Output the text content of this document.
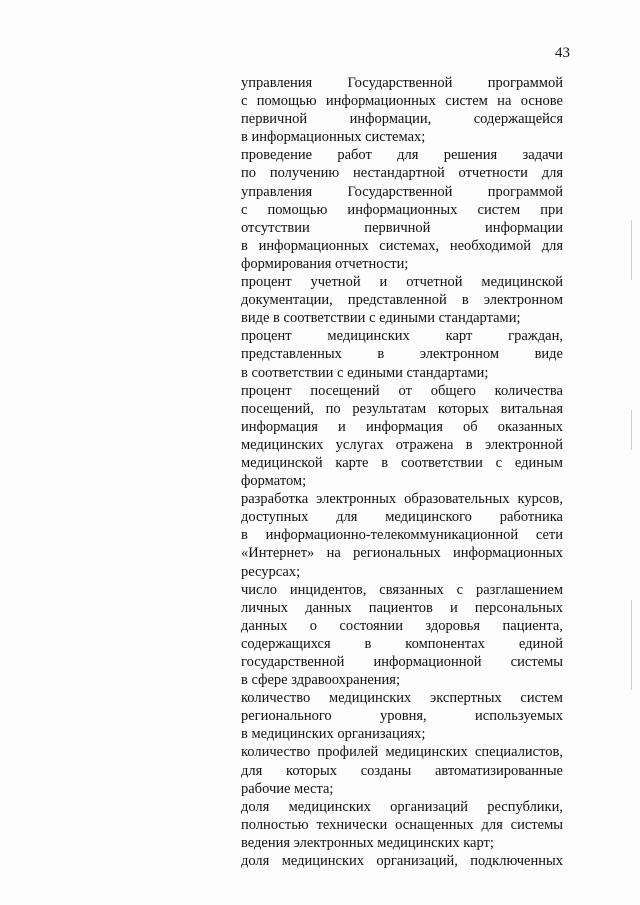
43
управления Государственной программой
с помощью информационных систем на основе
первичной информации, содержащейся
в информационных системах;
проведение работ для решения задачи
по получению нестандартной отчетности для
управления Государственной программой
с помощью информационных систем при
отсутствии первичной информации
в информационных системах, необходимой для
формирования отчетности;
процент учетной и отчетной медицинской
документации, представленной в электронном
виде в соответствии с едиными стандартами;
процент медицинских карт граждан,
представленных в электронном виде
в соответствии с едиными стандартами;
процент посещений от общего количества
посещений, по результатам которых витальная
информация и информация об оказанных
медицинских услугах отражена в электронной
медицинской карте в соответствии с единым
форматом;
разработка электронных образовательных курсов,
доступных для медицинского работника
в информационно-телекоммуникационной сети
«Интернет» на региональных информационных
ресурсах;
число инцидентов, связанных с разглашением
личных данных пациентов и персональных
данных о состоянии здоровья пациента,
содержащихся в компонентах единой
государственной информационной системы
в сфере здравоохранения;
количество медицинских экспертных систем
регионального уровня, используемых
в медицинских организациях;
количество профилей медицинских специалистов,
для которых созданы автоматизированные
рабочие места;
доля медицинских организаций республики,
полностью технически оснащенных для системы
ведения электронных медицинских карт;
доля медицинских организаций, подключенных
